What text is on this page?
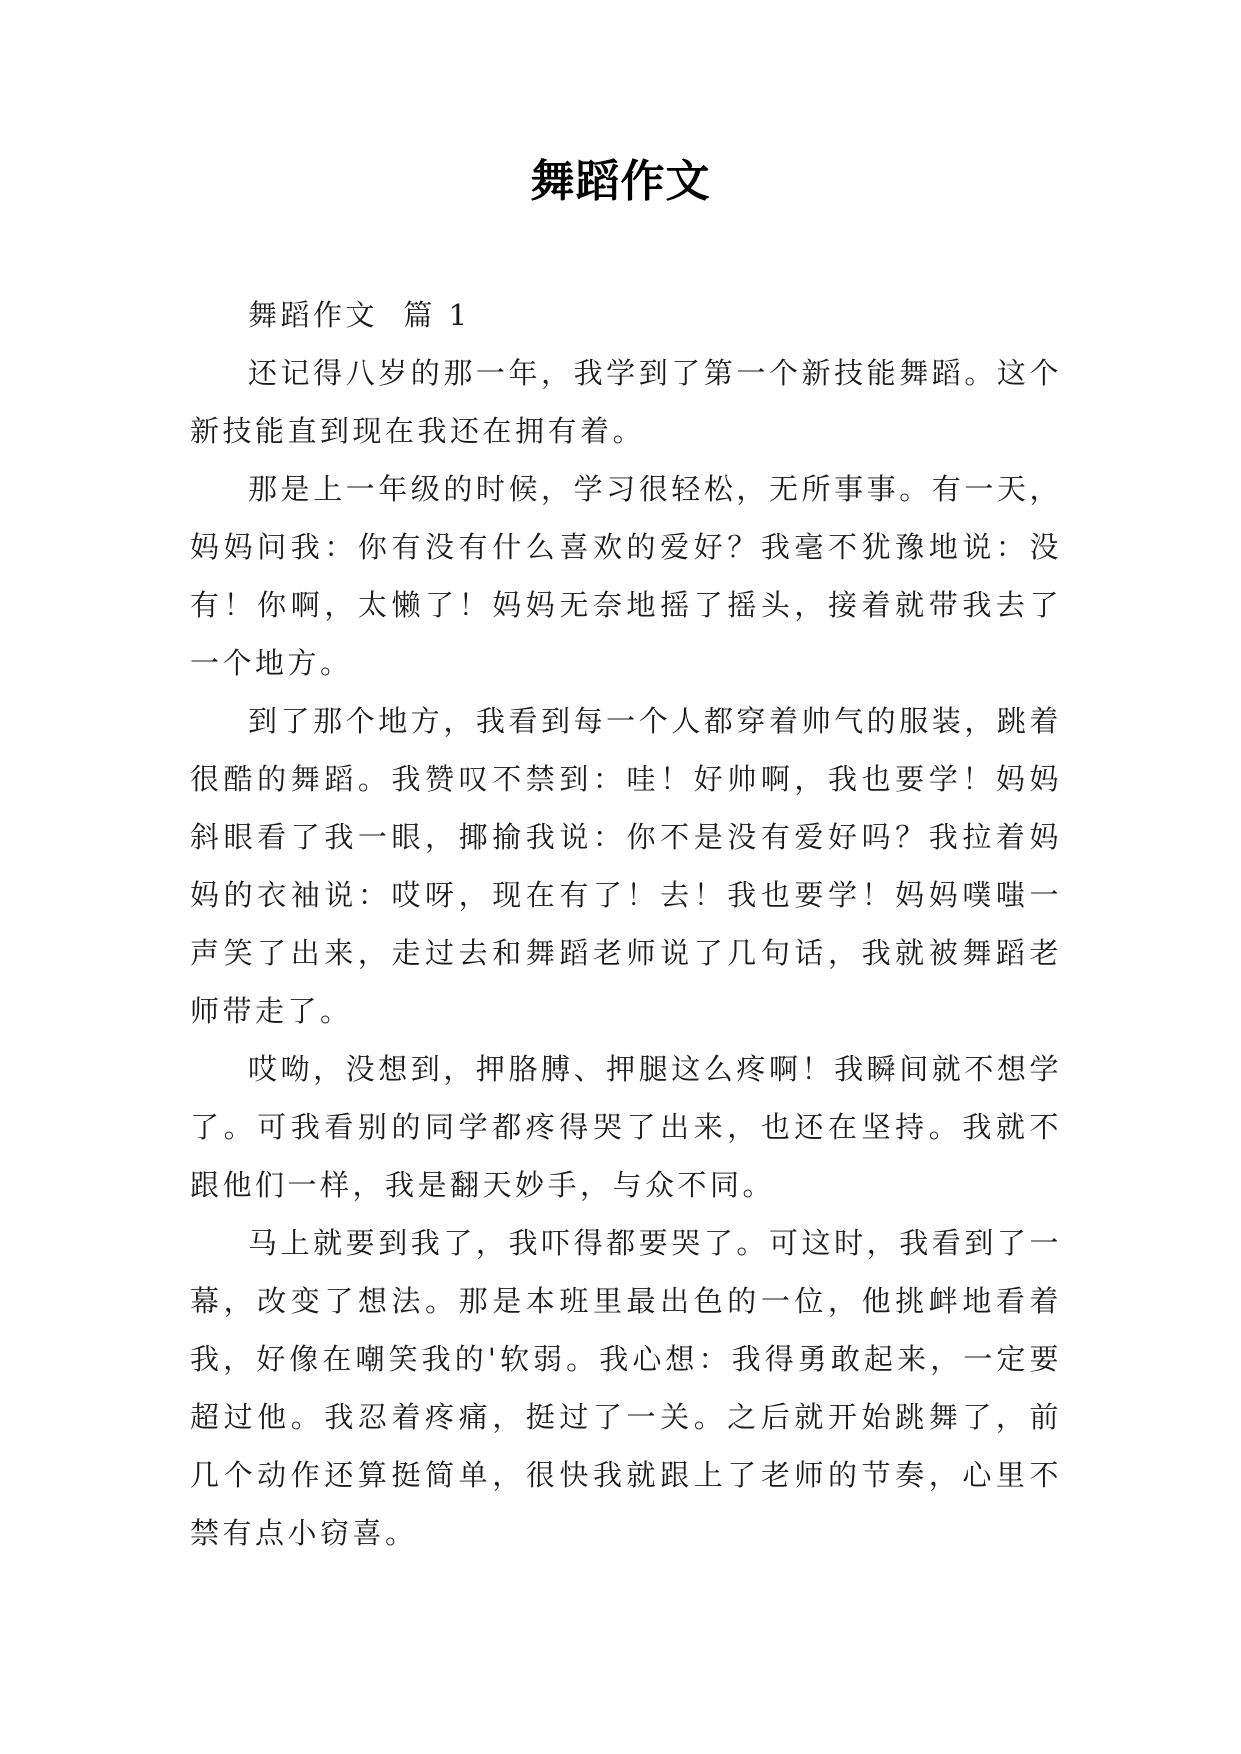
舞蹈作文

舞蹈作文  篇 1

还记得八岁的那一年，我学到了第一个新技能舞蹈。这个新技能直到现在我还在拥有着。

那是上一年级的时候，学习很轻松，无所事事。有一天，妈妈问我：你有没有什么喜欢的爱好？我毫不犹豫地说：没有！你啊，太懒了！妈妈无奈地摇了摇头，接着就带我去了一个地方。

到了那个地方，我看到每一个人都穿着帅气的服装，跳着很酷的舞蹈。我赞叹不禁到：哇！好帅啊，我也要学！妈妈斜眼看了我一眼，揶揄我说：你不是没有爱好吗？我拉着妈妈的衣袖说：哎呀，现在有了！去！我也要学！妈妈噗嗤一声笑了出来，走过去和舞蹈老师说了几句话，我就被舞蹈老师带走了。

哎呦，没想到，押胳膊、押腿这么疼啊！我瞬间就不想学了。可我看别的同学都疼得哭了出来，也还在坚持。我就不跟他们一样，我是翻天妙手，与众不同。

马上就要到我了，我吓得都要哭了。可这时，我看到了一幕，改变了想法。那是本班里最出色的一位，他挑衅地看着我，好像在嘲笑我的'软弱。我心想：我得勇敢起来，一定要超过他。我忍着疼痛，挺过了一关。之后就开始跳舞了，前几个动作还算挺简单，很快我就跟上了老师的节奏，心里不禁有点小窃喜。
